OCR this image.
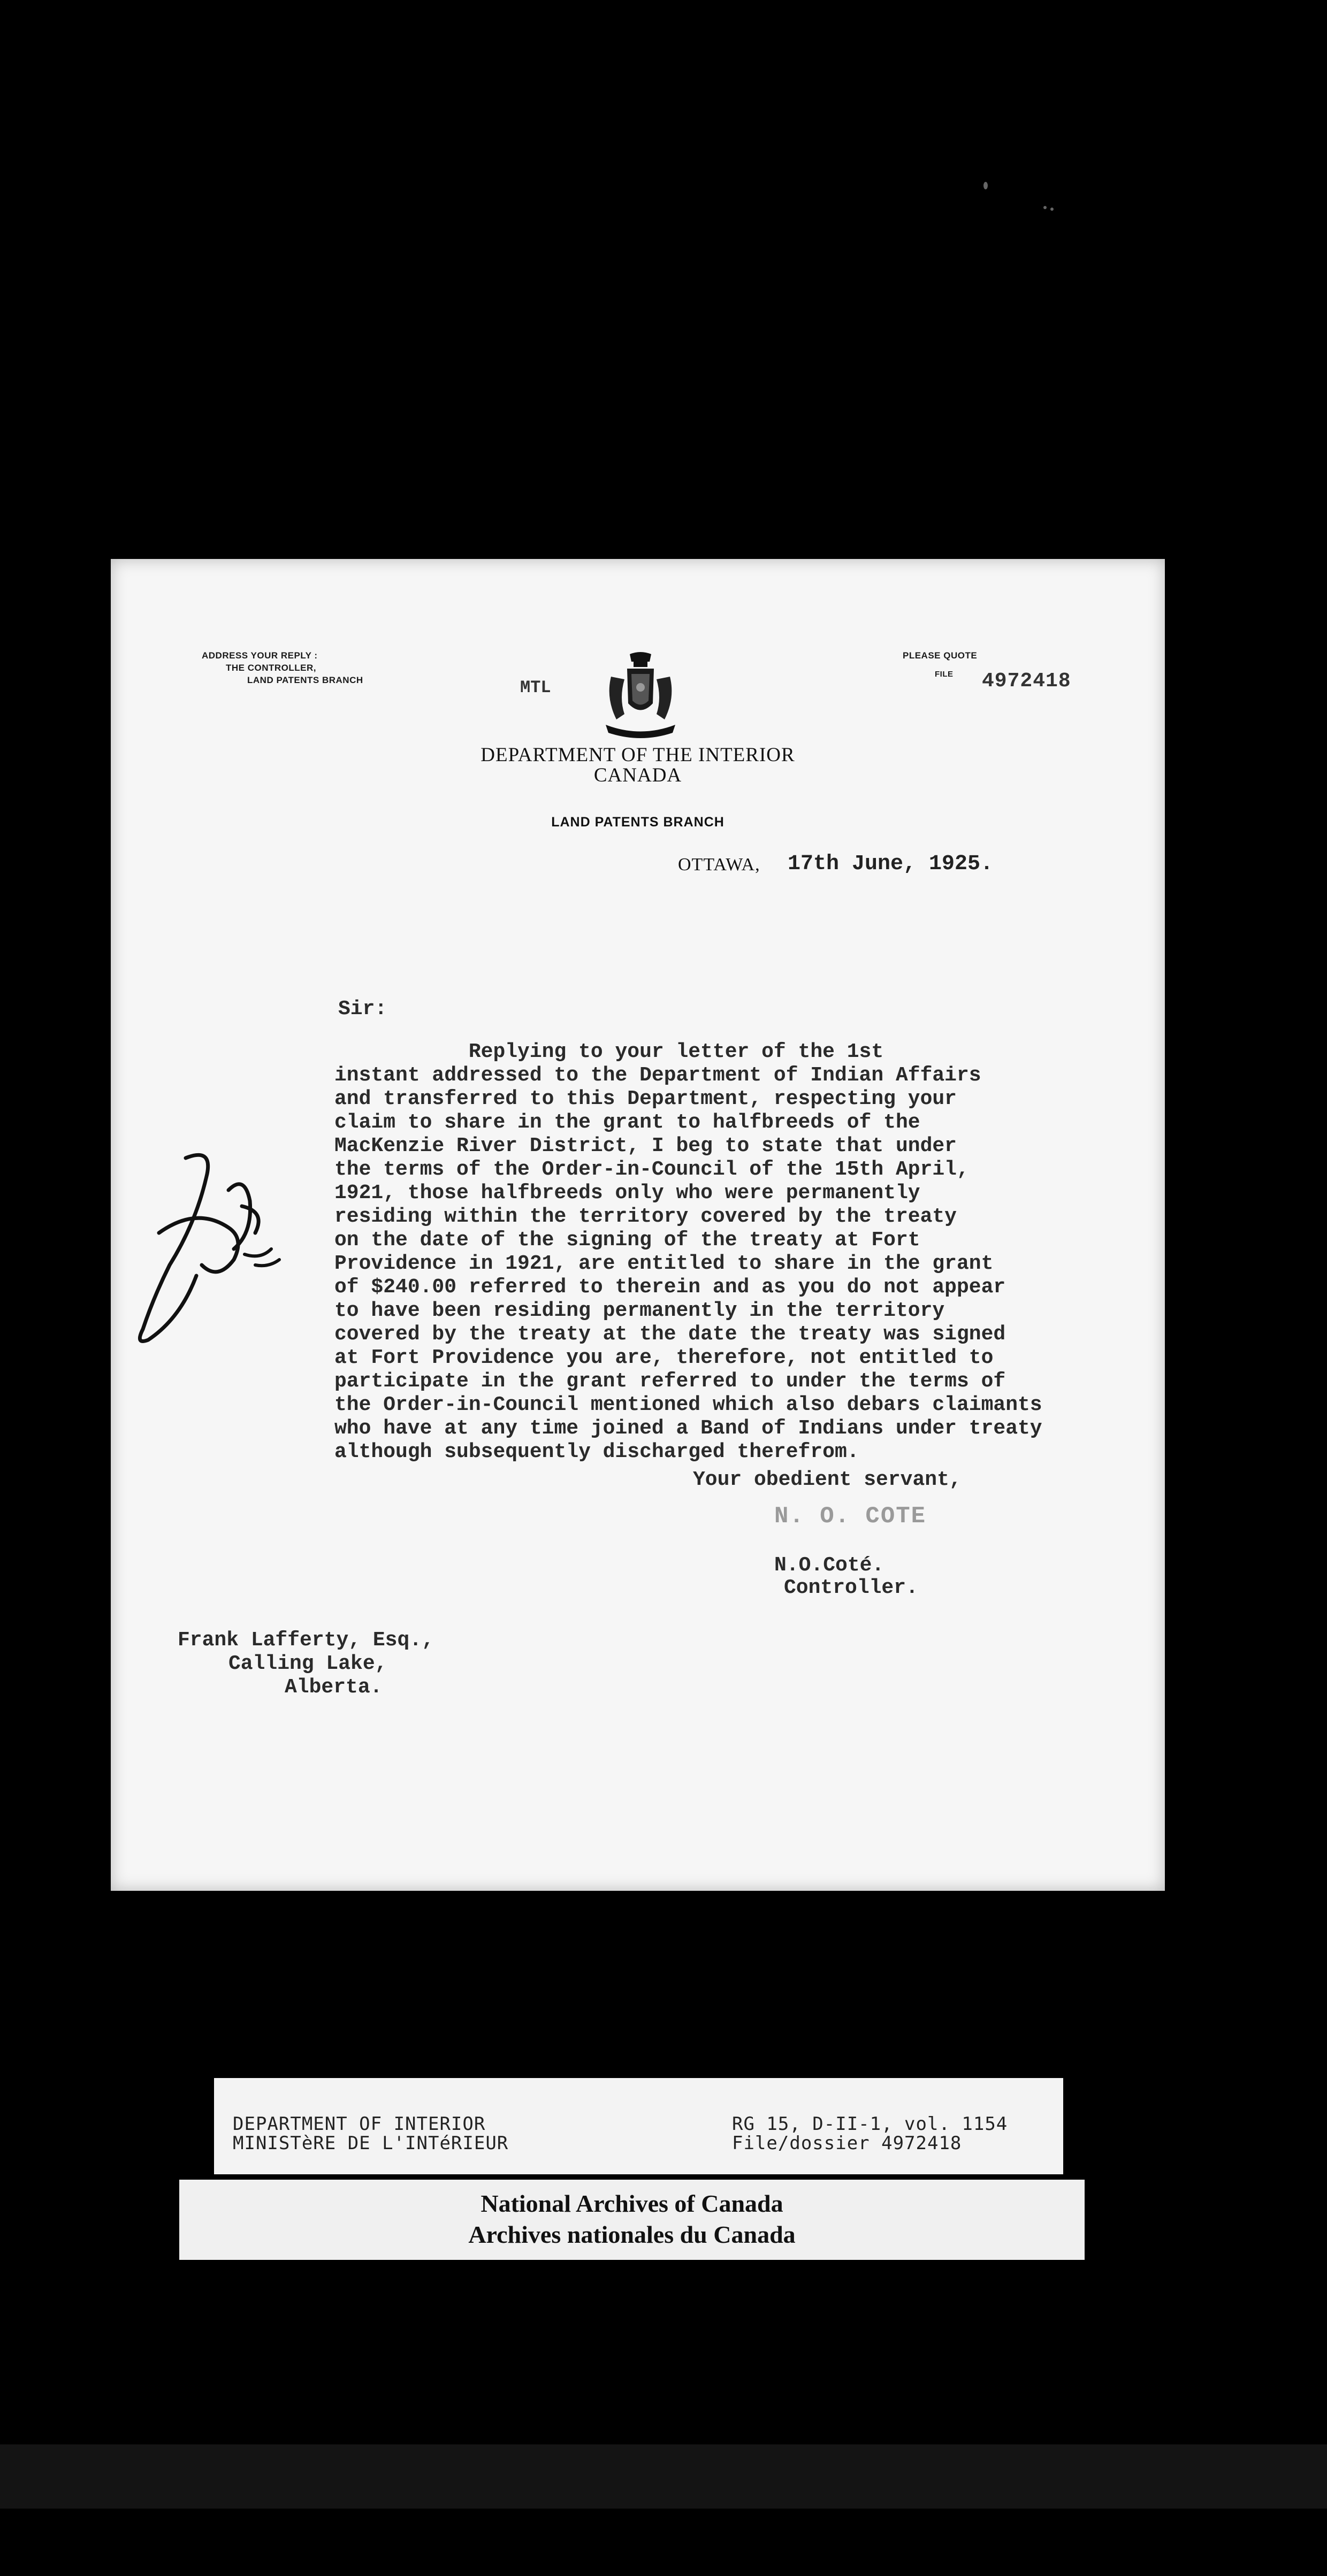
ADDRESS YOUR REPLY :
THE CONTROLLER,
LAND PATENTS BRANCH
PLEASE QUOTE
FILE 4972418
MTL
DEPARTMENT OF THE INTERIOR
CANADA
LAND PATENTS BRANCH
OTTAWA, 17th June, 1925.
Sir:
Replying to your letter of the 1st
instant addressed to the Department of Indian Affairs
and transferred to this Department, respecting your
claim to share in the grant to halfbreeds of the
MacKenzie River District, I beg to state that under
the terms of the Order-in-Council of the 15th April,
1921, those halfbreeds only who were permanently
residing within the territory covered by the treaty
on the date of the signing of the treaty at Fort
Providence in 1921, are entitled to share in the grant
of $240.00 referred to therein and as you do not appear
to have been residing permanently in the territory
covered by the treaty at the date the treaty was signed
at Fort Providence you are, therefore, not entitled to
participate in the grant referred to under the terms of
the Order-in-Council mentioned which also debars claimants
who have at any time joined a Band of Indians under treaty
although subsequently discharged therefrom.
Your obedient servant,
N. O. COTE
N.O.Coté.
Controller.
Frank Lafferty, Esq.,
Calling Lake,
Alberta.
DEPARTMENT OF INTERIOR
MINISTèRE DE L'INTéRIEUR
RG 15, D-II-1, vol. 1154
File/dossier 4972418
National Archives of Canada
Archives nationales du Canada
